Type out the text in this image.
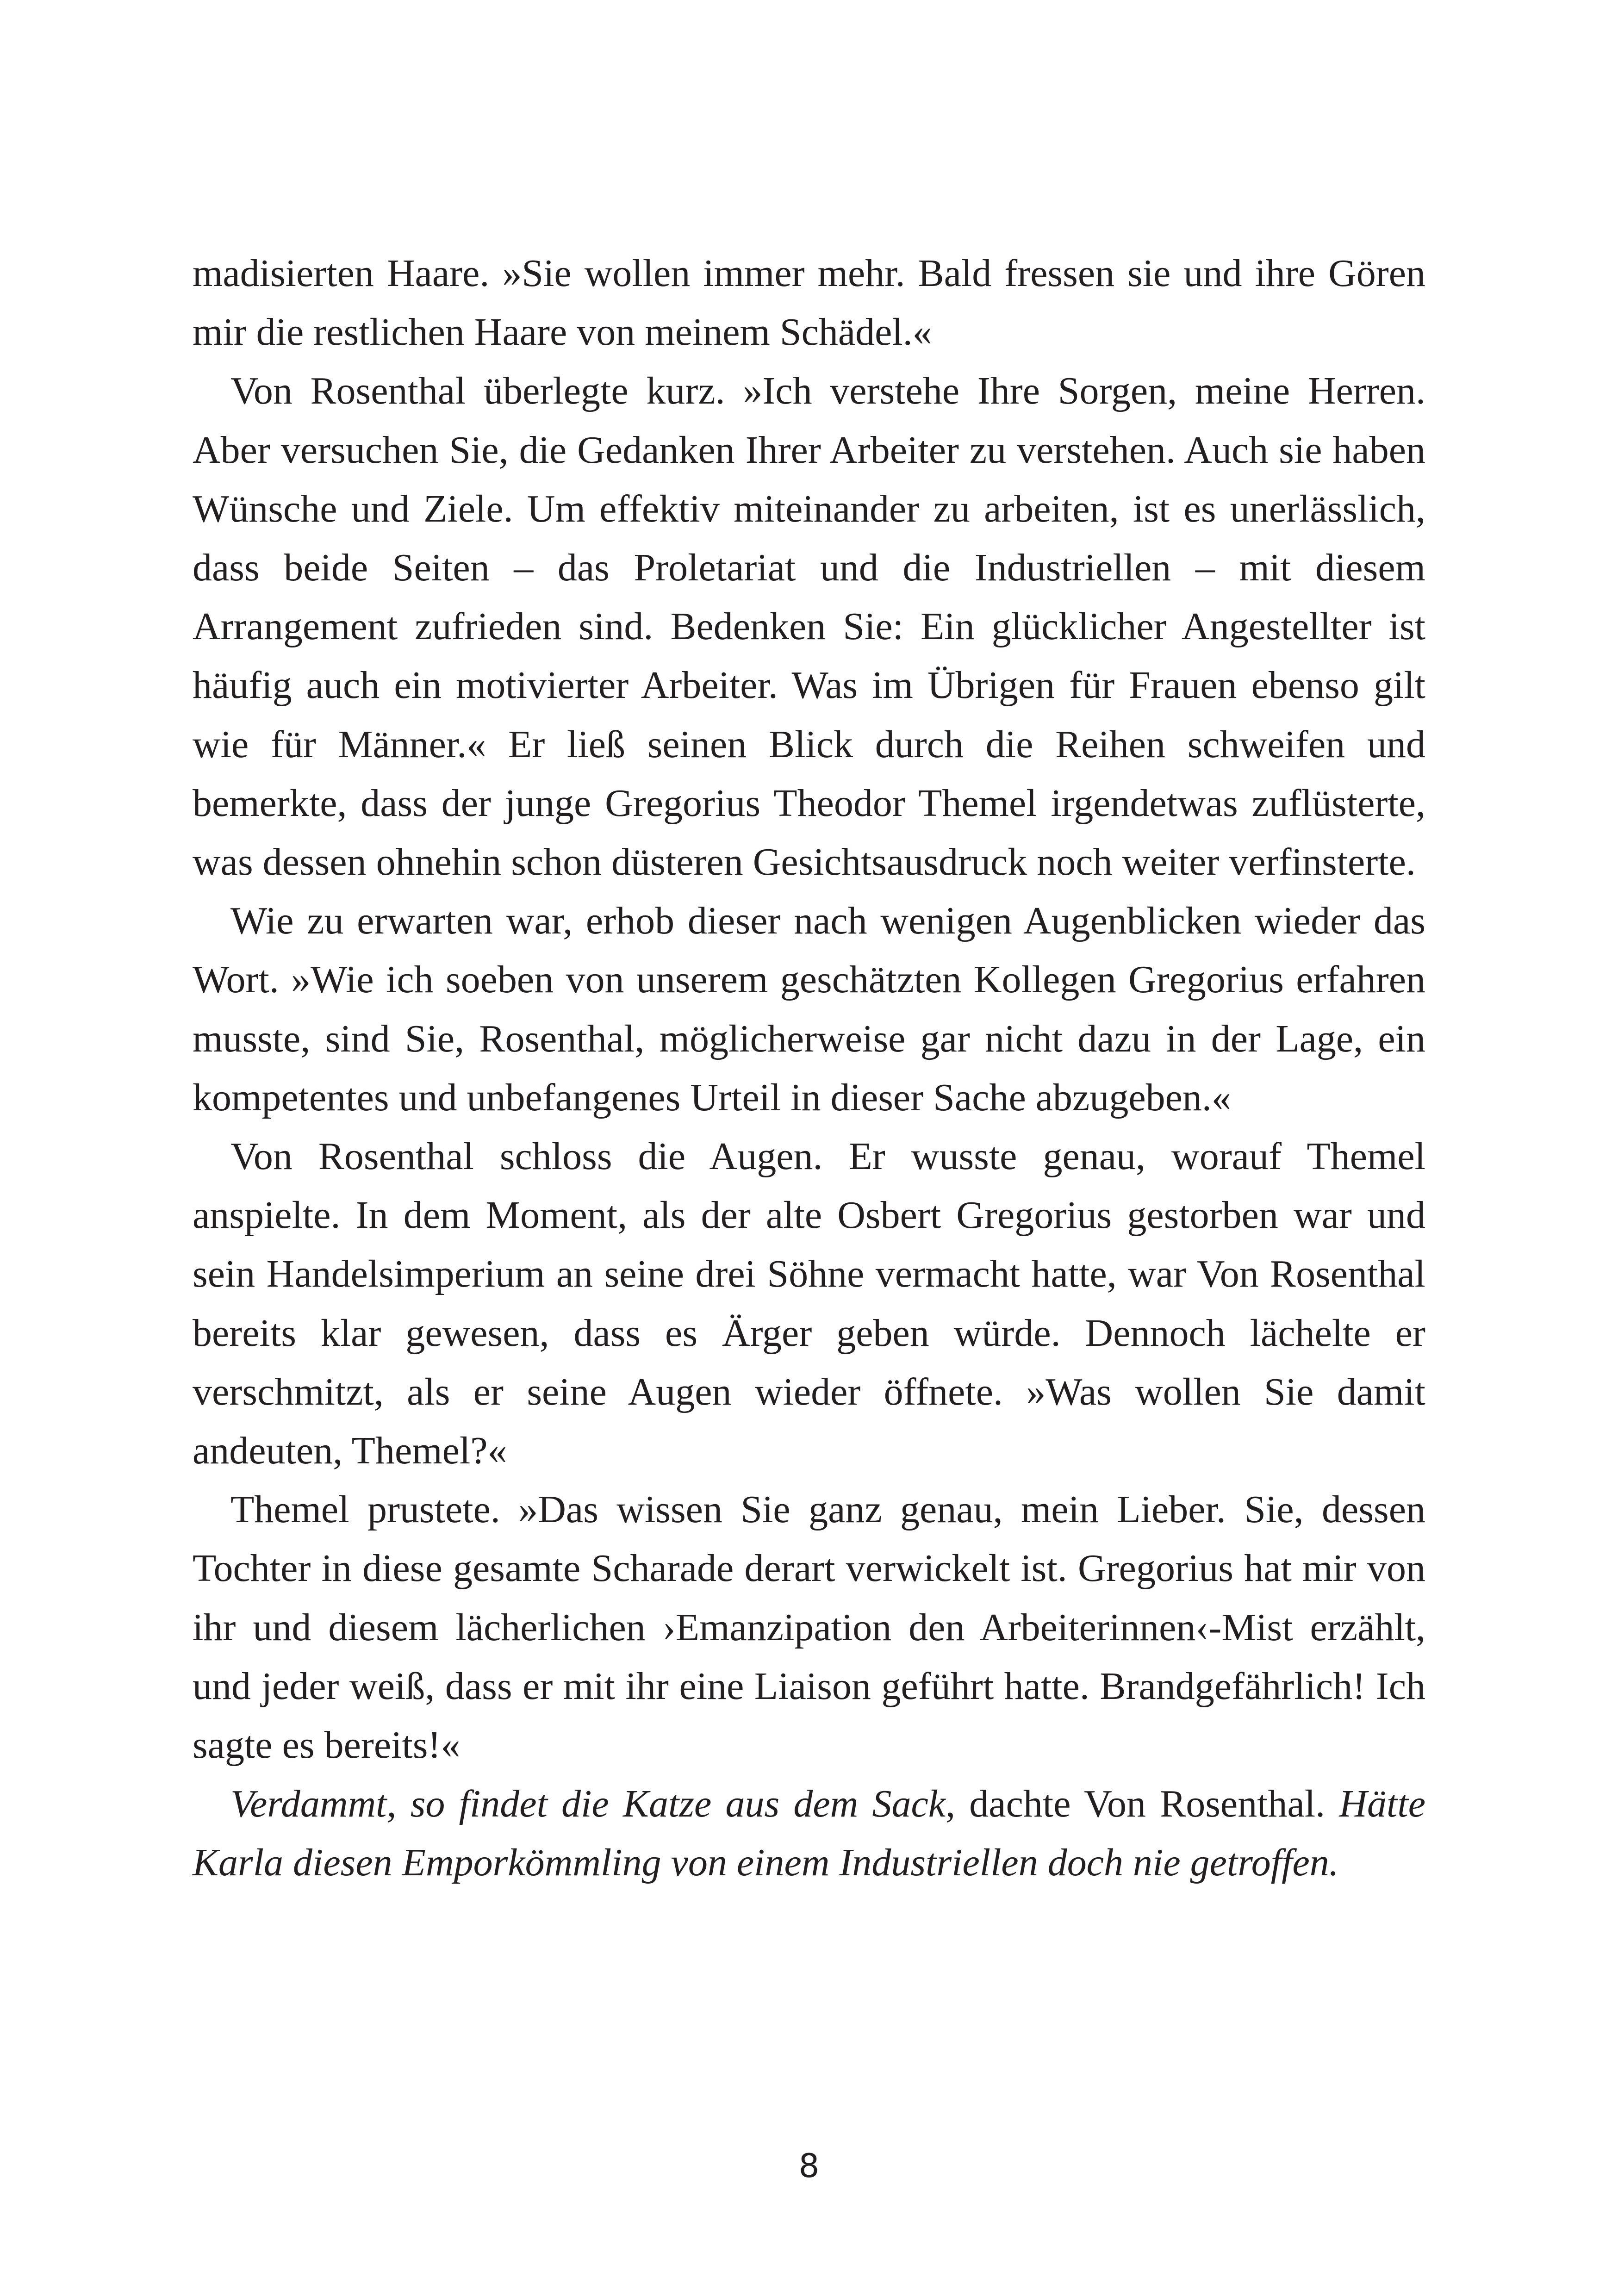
madisierten Haare. »Sie wollen immer mehr. Bald fressen sie und ihre Gören mir die restlichen Haare von meinem Schädel.«

Von Rosenthal überlegte kurz. »Ich verstehe Ihre Sorgen, meine Herren. Aber versuchen Sie, die Gedanken Ihrer Arbeiter zu verstehen. Auch sie haben Wünsche und Ziele. Um effektiv miteinander zu arbeiten, ist es unerlässlich, dass beide Seiten – das Proletariat und die Industriellen – mit diesem Arrangement zufrieden sind. Bedenken Sie: Ein glücklicher Angestellter ist häufig auch ein motivierter Arbeiter. Was im Übrigen für Frauen ebenso gilt wie für Männer.« Er ließ seinen Blick durch die Reihen schweifen und bemerkte, dass der junge Gregorius Theodor Themel irgendetwas zuflüsterte, was dessen ohnehin schon düsteren Gesichtsausdruck noch weiter verfinsterte.

Wie zu erwarten war, erhob dieser nach wenigen Augenblicken wieder das Wort. »Wie ich soeben von unserem geschätzten Kollegen Gregorius erfahren musste, sind Sie, Rosenthal, möglicherweise gar nicht dazu in der Lage, ein kompetentes und unbefangenes Urteil in dieser Sache abzugeben.«

Von Rosenthal schloss die Augen. Er wusste genau, worauf Themel anspielte. In dem Moment, als der alte Osbert Gregorius gestorben war und sein Handelsimperium an seine drei Söhne vermacht hatte, war Von Rosenthal bereits klar gewesen, dass es Ärger geben würde. Dennoch lächelte er verschmitzt, als er seine Augen wieder öffnete. »Was wollen Sie damit andeuten, Themel?«

Themel prustete. »Das wissen Sie ganz genau, mein Lieber. Sie, dessen Tochter in diese gesamte Scharade derart verwickelt ist. Gregorius hat mir von ihr und diesem lächerlichen ›Emanzipation den Arbeiterinnen‹-Mist erzählt, und jeder weiß, dass er mit ihr eine Liaison geführt hatte. Brandgefährlich! Ich sagte es bereits!«

Verdammt, so findet die Katze aus dem Sack, dachte Von Rosenthal. Hätte Karla diesen Emporkömmling von einem Industriellen doch nie getroffen.

8
